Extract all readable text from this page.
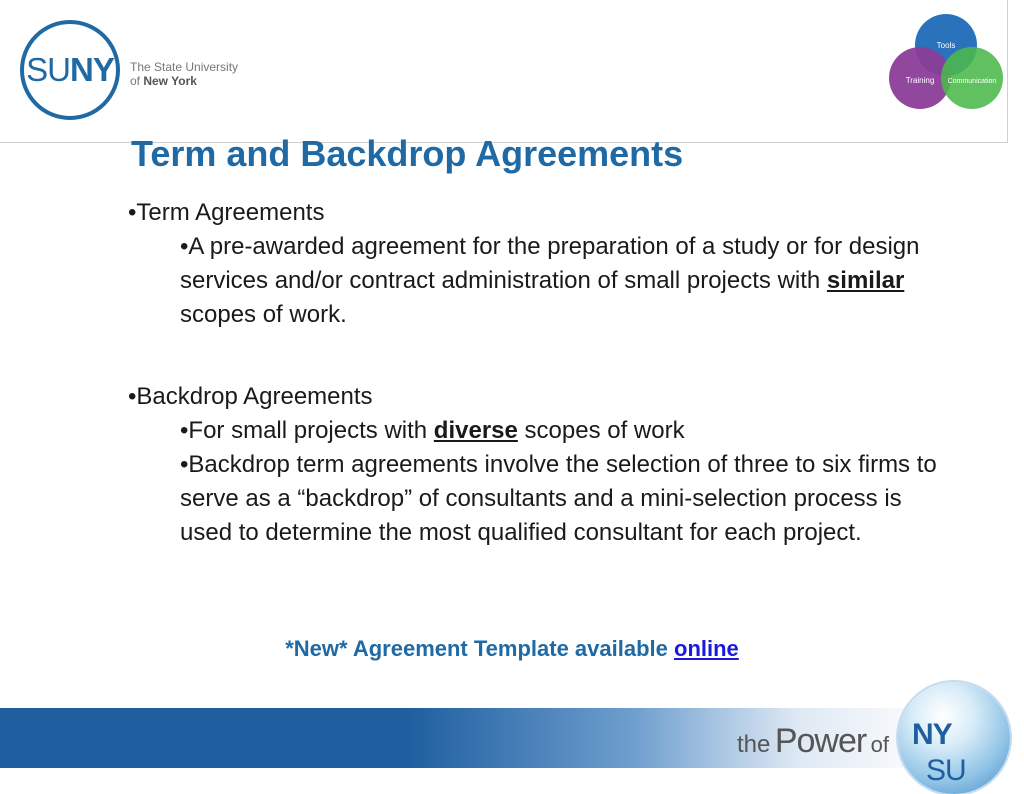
SU NY The State University
of New York
Tools
Training Communication
Term and Backdrop Agreements

•Term Agreements

•A pre-awarded agreement for the preparation of a study or for design services and/or contract administration of small projects with similar scopes of work.

•Backdrop Agreements

•For small projects with diverse scopes of work

•Backdrop term agreements involve the selection of three to six firms to serve as a “backdrop” of consultants and a mini-selection process is used to determine the most qualified consultant for each project.

*New* Agreement Template available online
the Power of
SU
NY
